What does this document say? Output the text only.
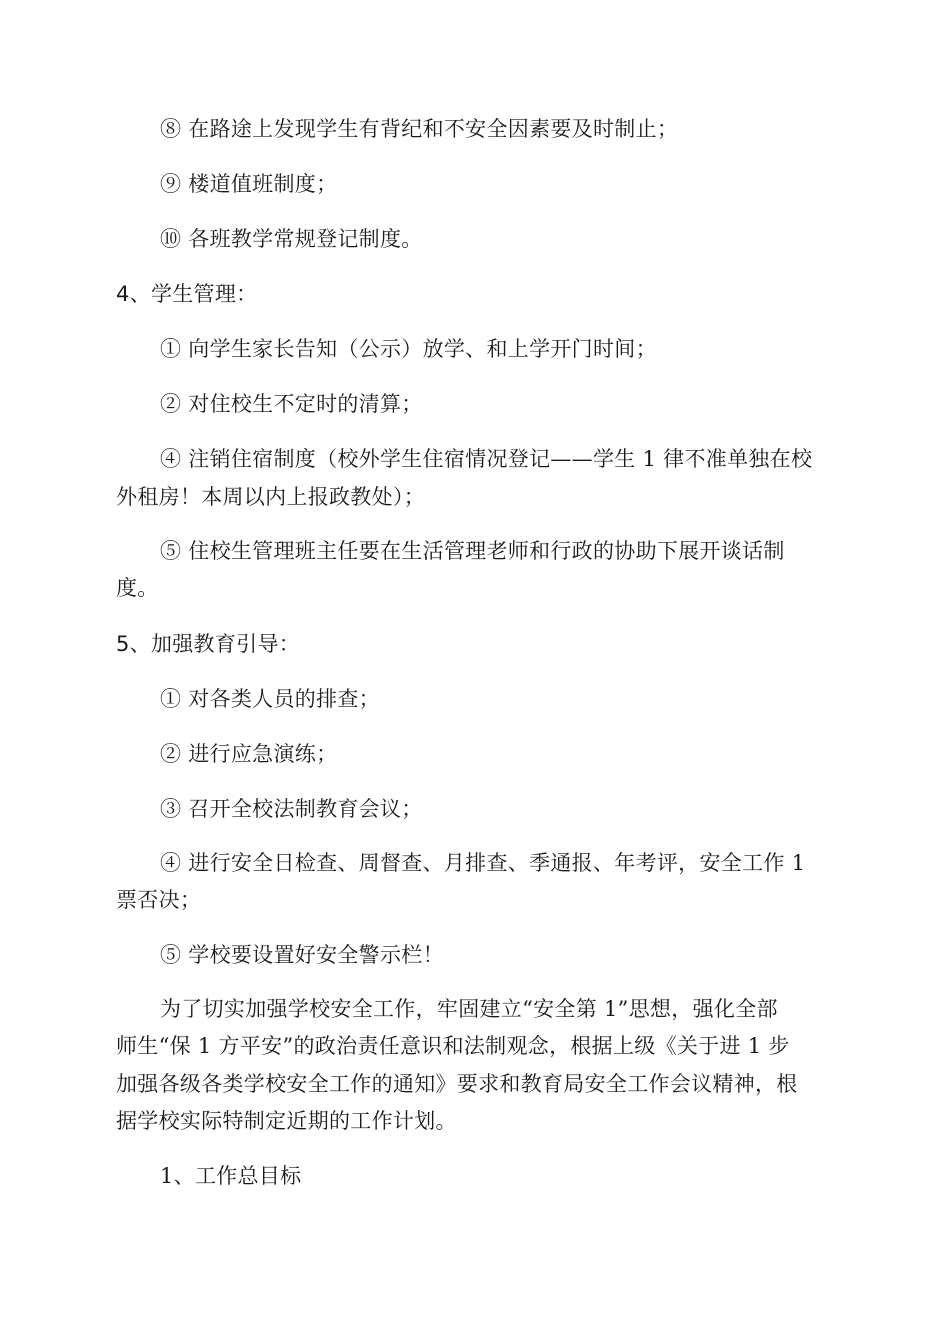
⑧ 在路途上发现学生有背纪和不安全因素要及时制止；
⑨ 楼道值班制度；
⑩ 各班教学常规登记制度。
4、学生管理：
① 向学生家长告知（公示）放学、和上学开门时间；
② 对住校生不定时的清算；
④ 注销住宿制度（校外学生住宿情况登记——学生 1 律不准单独在校
外租房！本周以内上报政教处）；
⑤ 住校生管理班主任要在生活管理老师和行政的协助下展开谈话制
度。
5、加强教育引导：
① 对各类人员的排查；
② 进行应急演练；
③ 召开全校法制教育会议；
④ 进行安全日检查、周督查、月排查、季通报、年考评，安全工作 1
票否决；
⑤ 学校要设置好安全警示栏！
为了切实加强学校安全工作，牢固建立“安全第 1”思想，强化全部
师生“保 1 方平安”的政治责任意识和法制观念，根据上级《关于进 1 步
加强各级各类学校安全工作的通知》要求和教育局安全工作会议精神，根
据学校实际特制定近期的工作计划。
1、工作总目标
